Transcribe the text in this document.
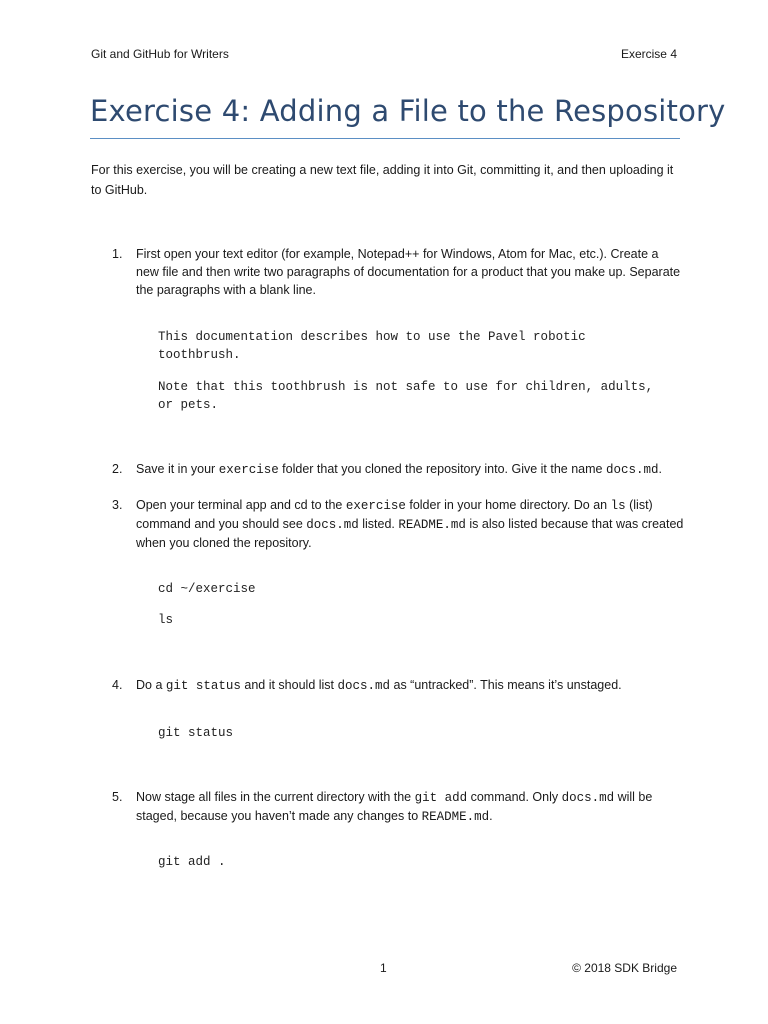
Git and GitHub for Writers	Exercise 4
Exercise 4: Adding a File to the Respository

For this exercise, you will be creating a new text file, adding it into Git, committing it, and then uploading it to GitHub.

1.	First open your text editor (for example, Notepad++ for Windows, Atom for Mac, etc.). Create a new file and then write two paragraphs of documentation for a product that you make up. Separate the paragraphs with a blank line.
This documentation describes how to use the Pavel robotic toothbrush.
Note that this toothbrush is not safe to use for children, adults, or pets.
2.	Save it in your exercise folder that you cloned the repository into. Give it the name docs.md.
3.	Open your terminal app and cd to the exercise folder in your home directory. Do an ls (list) command and you should see docs.md listed. README.md is also listed because that was created when you cloned the repository.
cd ~/exercise
ls
4.	Do a git status and it should list docs.md as “untracked”. This means it’s unstaged.
git status
5.	Now stage all files in the current directory with the git add command. Only docs.md will be staged, because you haven’t made any changes to README.md.
git add .
1	© 2018 SDK Bridge
